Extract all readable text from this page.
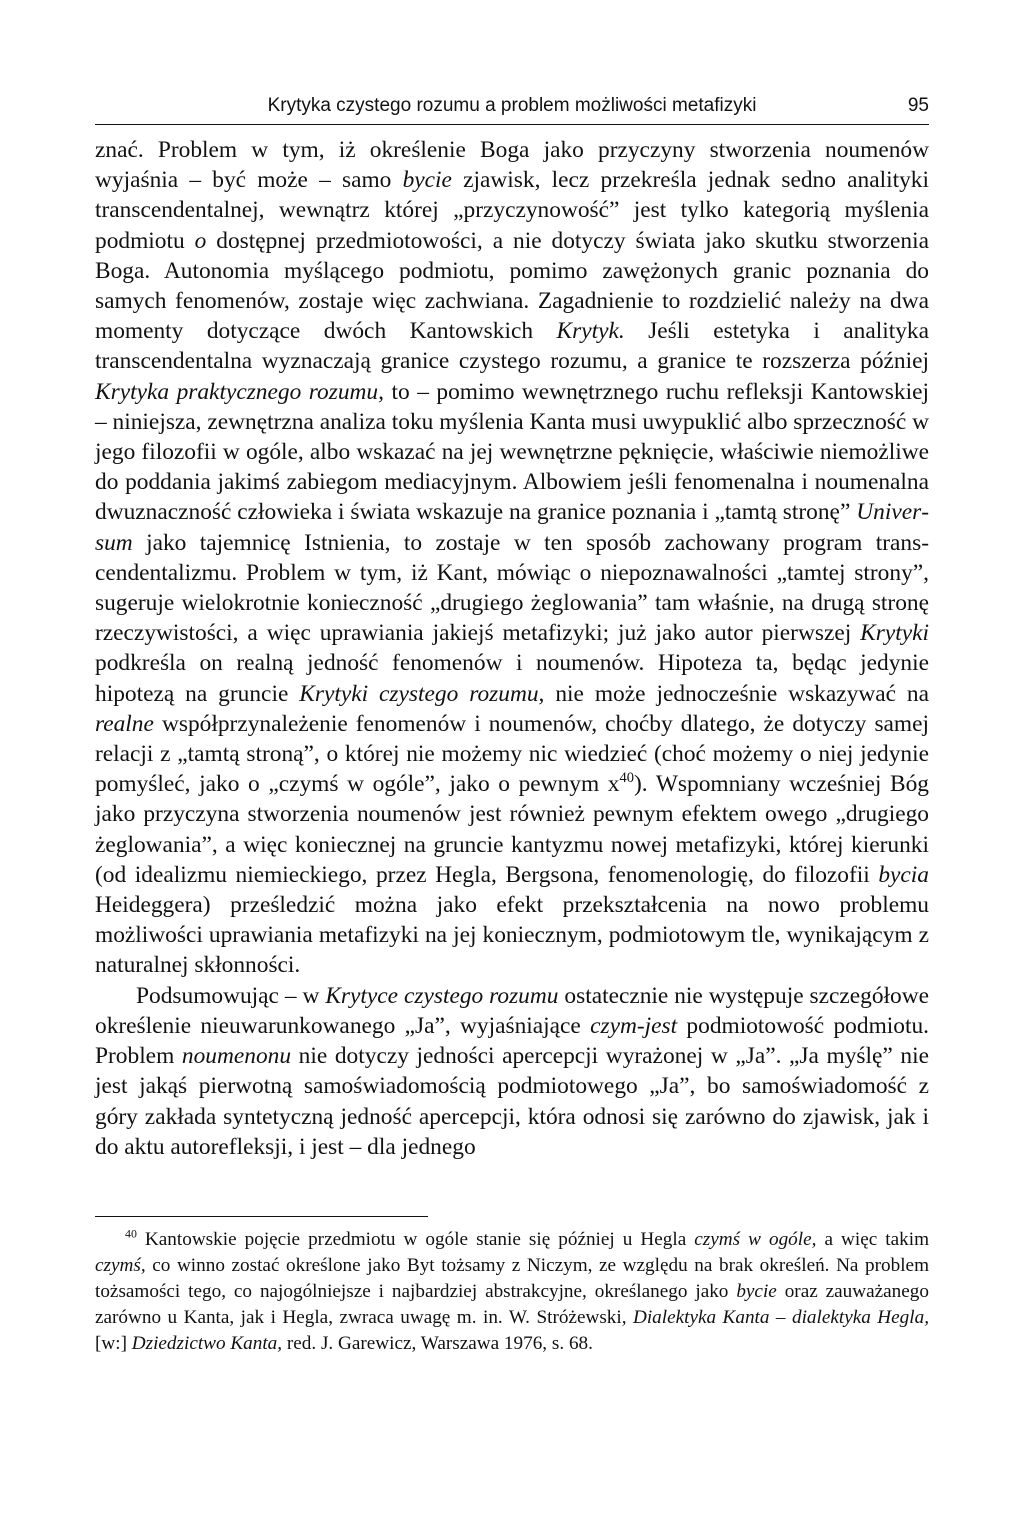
Krytyka czystego rozumu a problem możliwości metafizyki	95

znać. Problem w tym, iż określenie Boga jako przyczyny stworzenia noumenów wyjaśnia – być może – samo bycie zjawisk, lecz przekreśla jednak sedno analityki transcendentalnej, wewnątrz której „przyczynowość” jest tylko kategorią myślenia podmiotu o dostępnej przedmiotowości, a nie dotyczy świata jako skutku stworzenia Boga. Autonomia myślącego podmiotu, pomimo zawężonych granic poznania do samych fenomenów, zostaje więc zachwiana. Zagadnienie to rozdzielić należy na dwa momenty dotyczące dwóch Kantowskich Krytyk. Jeśli estetyka i analityka transcendentalna wyznaczają granice czystego rozumu, a granice te rozszerza później Krytyka praktycznego rozumu, to – pomimo wewnętrznego ruchu refleksji Kantowskiej – niniejsza, zewnętrzna analiza toku myślenia Kanta musi uwypuklić albo sprzeczność w jego filozofii w ogóle, albo wskazać na jej wewnętrzne pęknięcie, właściwie niemożliwe do poddania jakimś zabiegom mediacyjnym. Albowiem jeśli fenomenalna i noumenalna dwuznaczność człowieka i świata wskazuje na granice poznania i „tamtą stronę” Universum jako tajemnicę Istnienia, to zostaje w ten sposób zachowany program transcendentalizmu. Problem w tym, iż Kant, mówiąc o niepoznawalności „tamtej strony”, sugeruje wielokrotnie konieczność „drugiego żeglowania” tam właśnie, na drugą stronę rzeczywistości, a więc uprawiania jakiejś metafizyki; już jako autor pierwszej Krytyki podkreśla on realną jedność fenomenów i noumenów. Hipoteza ta, będąc jedynie hipotezą na gruncie Krytyki czystego rozumu, nie może jednocześnie wskazywać na realne współprzynależenie fenomenów i noumenów, choćby dlatego, że dotyczy samej relacji z „tamtą stroną”, o której nie możemy nic wiedzieć (choć możemy o niej jedynie pomyśleć, jako o „czymś w ogóle”, jako o pewnym $x^{40}$). Wspomniany wcześniej Bóg jako przyczyna stworzenia noumenów jest również pewnym efektem owego „drugiego żeglowania”, a więc koniecznej na gruncie kantyzmu nowej metafizyki, której kierunki (od idealizmu niemieckiego, przez Hegla, Bergsona, fenomenologię, do filozofii bycia Heideggera) prześledzić można jako efekt przekształcenia na nowo problemu możliwości uprawiania metafizyki na jej koniecznym, podmiotowym tle, wynikającym z naturalnej skłonności.

Podsumowując – w Krytyce czystego rozumu ostatecznie nie występuje szczegółowe określenie nieuwarunkowanego „Ja”, wyjaśniające czym-jest podmiotowość podmiotu. Problem noumenonu nie dotyczy jedności apercepcji wyrażonej w „Ja”. „Ja myślę” nie jest jakąś pierwotną samoświadomością podmiotowego „Ja”, bo samoświadomość z góry zakłada syntetyczną jedność apercepcji, która odnosi się zarówno do zjawisk, jak i do aktu autorefleksji, i jest – dla jednego

$^{40}$ Kantowskie pojęcie przedmiotu w ogóle stanie się później u Hegla czymś w ogóle, a więc takim czymś, co winno zostać określone jako Byt tożsamy z Niczym, ze względu na brak określeń. Na problem tożsamości tego, co najogólniejsze i najbardziej abstrakcyjne, określanego jako bycie oraz zauważanego zarówno u Kanta, jak i Hegla, zwraca uwagę m. in. W. Stróżewski, Dialektyka Kanta – dialektyka Hegla, [w:] Dziedzictwo Kanta, red. J. Garewicz, Warszawa 1976, s. 68.
